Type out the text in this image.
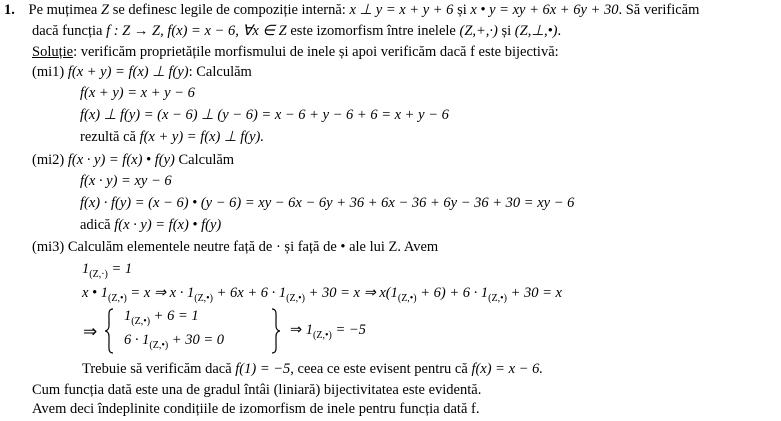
1. Pe muțimea Z se definesc legile de compoziție internă: x ⊥ y = x + y + 6 și x • y = xy + 6x + 6y + 30. Să verificăm
dacă funcția f : Z → Z, f(x) = x − 6, ∀x ∈ Z este izomorfism între inelele (Z,+,·) și (Z,⊥,•).
Soluție: verificăm proprietățile morfismului de inele și apoi verificăm dacă f este bijectivă:
(mi1) f(x + y) = f(x) ⊥ f(y): Calculăm
f(x + y) = x + y − 6
f(x) ⊥ f(y) = (x − 6) ⊥ (y − 6) = x − 6 + y − 6 + 6 = x + y − 6
rezultă că f(x + y) = f(x) ⊥ f(y).
(mi2) f(x · y) = f(x) • f(y) Calculăm
f(x · y) = xy − 6
f(x) · f(y) = (x − 6) • (y − 6) = xy − 6x − 6y + 36 + 6x − 36 + 6y − 36 + 30 = xy − 6
adică f(x · y) = f(x) • f(y)
(mi3) Calculăm elementele neutre față de · și față de • ale lui Z. Avem
$1_{(Z,\cdot)} = 1$
x • $1_{(Z,•)} = x$ ⇒ $x \cdot 1_{(Z,•)} + 6x + 6 \cdot 1_{(Z,•)} + 30 = x$ ⇒ $x(1_{(Z,•)} + 6) + 6 \cdot 1_{(Z,•)} + 30 = x$
⇒
$1_{(Z,•)} + 6 = 1$
$6 \cdot 1_{(Z,•)} + 30 = 0$
⇒ $1_{(Z,•)} = -5$
Trebuie să verificăm dacă f(1) = −5, ceea ce este evisent pentru că f(x) = x − 6.
Cum funcția dată este una de gradul întâi (liniară) bijectivitatea este evidentă.
Avem deci îndeplinite condițiile de izomorfism de inele pentru funcția dată f.
